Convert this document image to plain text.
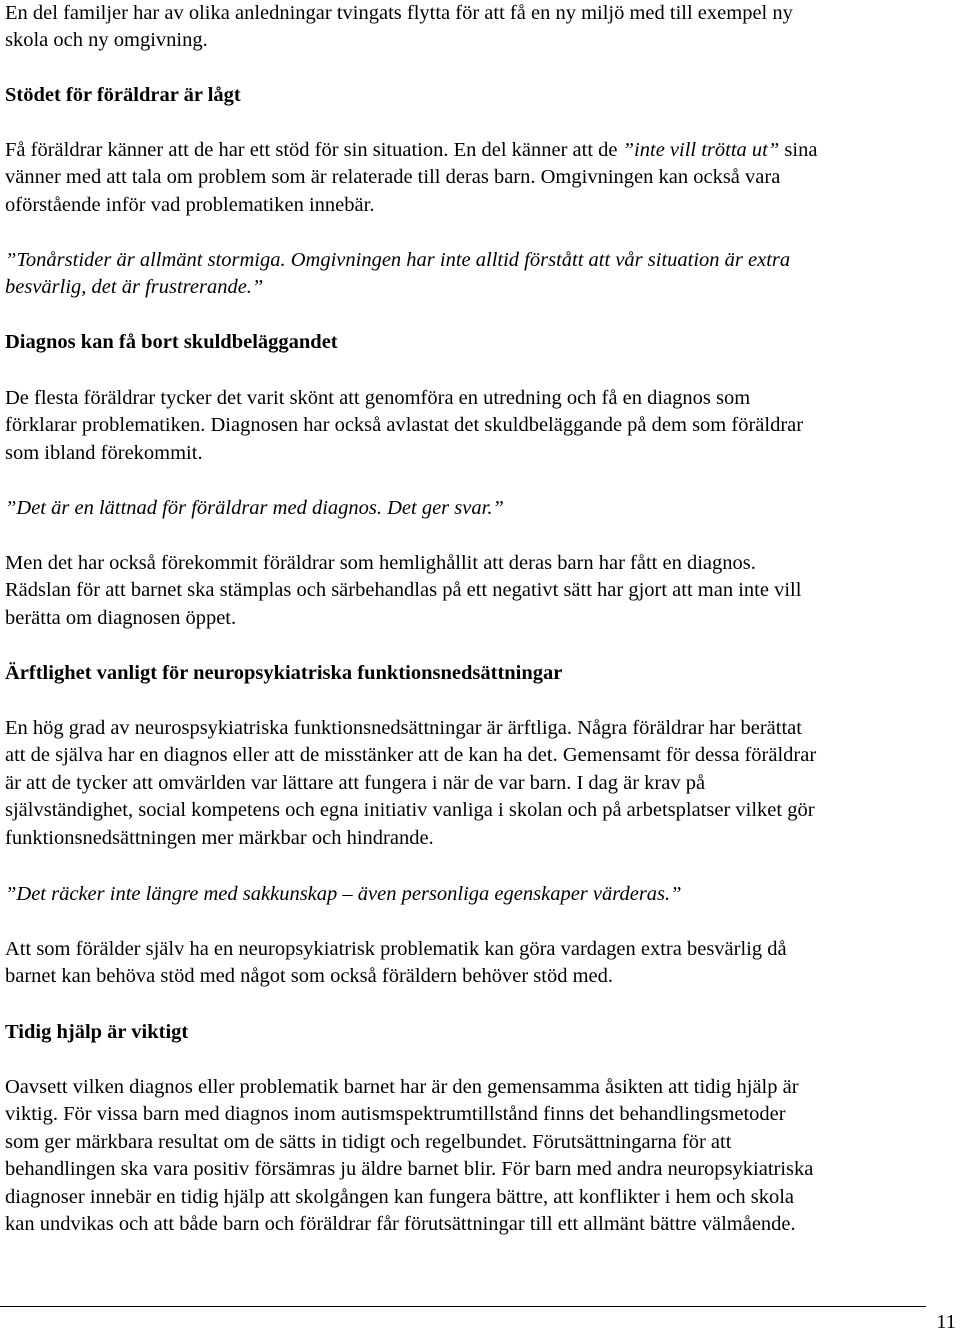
En del familjer har av olika anledningar tvingats flytta för att få en ny miljö med till exempel ny
skola och ny omgivning.

Stödet för föräldrar är lågt

Få föräldrar känner att de har ett stöd för sin situation. En del känner att de ”inte vill trötta ut” sina
vänner med att tala om problem som är relaterade till deras barn. Omgivningen kan också vara
oförstående inför vad problematiken innebär.

”Tonårstider är allmänt stormiga. Omgivningen har inte alltid förstått att vår situation är extra
besvärlig, det är frustrerande.”

Diagnos kan få bort skuldbeläggandet

De flesta föräldrar tycker det varit skönt att genomföra en utredning och få en diagnos som
förklarar problematiken. Diagnosen har också avlastat det skuldbeläggande på dem som föräldrar
som ibland förekommit.

”Det är en lättnad för föräldrar med diagnos. Det ger svar.”

Men det har också förekommit föräldrar som hemlighållit att deras barn har fått en diagnos.
Rädslan för att barnet ska stämplas och särbehandlas på ett negativt sätt har gjort att man inte vill
berätta om diagnosen öppet.

Ärftlighet vanligt för neuropsykiatriska funktionsnedsättningar

En hög grad av neurospsykiatriska funktionsnedsättningar är ärftliga. Några föräldrar har berättat
att de själva har en diagnos eller att de misstänker att de kan ha det. Gemensamt för dessa föräldrar
är att de tycker att omvärlden var lättare att fungera i när de var barn. I dag är krav på
självständighet, social kompetens och egna initiativ vanliga i skolan och på arbetsplatser vilket gör
funktionsnedsättningen mer märkbar och hindrande.

”Det räcker inte längre med sakkunskap – även personliga egenskaper värderas.”

Att som förälder själv ha en neuropsykiatrisk problematik kan göra vardagen extra besvärlig då
barnet kan behöva stöd med något som också föräldern behöver stöd med.

Tidig hjälp är viktigt

Oavsett vilken diagnos eller problematik barnet har är den gemensamma åsikten att tidig hjälp är
viktig. För vissa barn med diagnos inom autismspektrumtillstånd finns det behandlingsmetoder
som ger märkbara resultat om de sätts in tidigt och regelbundet. Förutsättningarna för att
behandlingen ska vara positiv försämras ju äldre barnet blir. För barn med andra neuropsykiatriska
diagnoser innebär en tidig hjälp att skolgången kan fungera bättre, att konflikter i hem och skola
kan undvikas och att både barn och föräldrar får förutsättningar till ett allmänt bättre välmående.

11
